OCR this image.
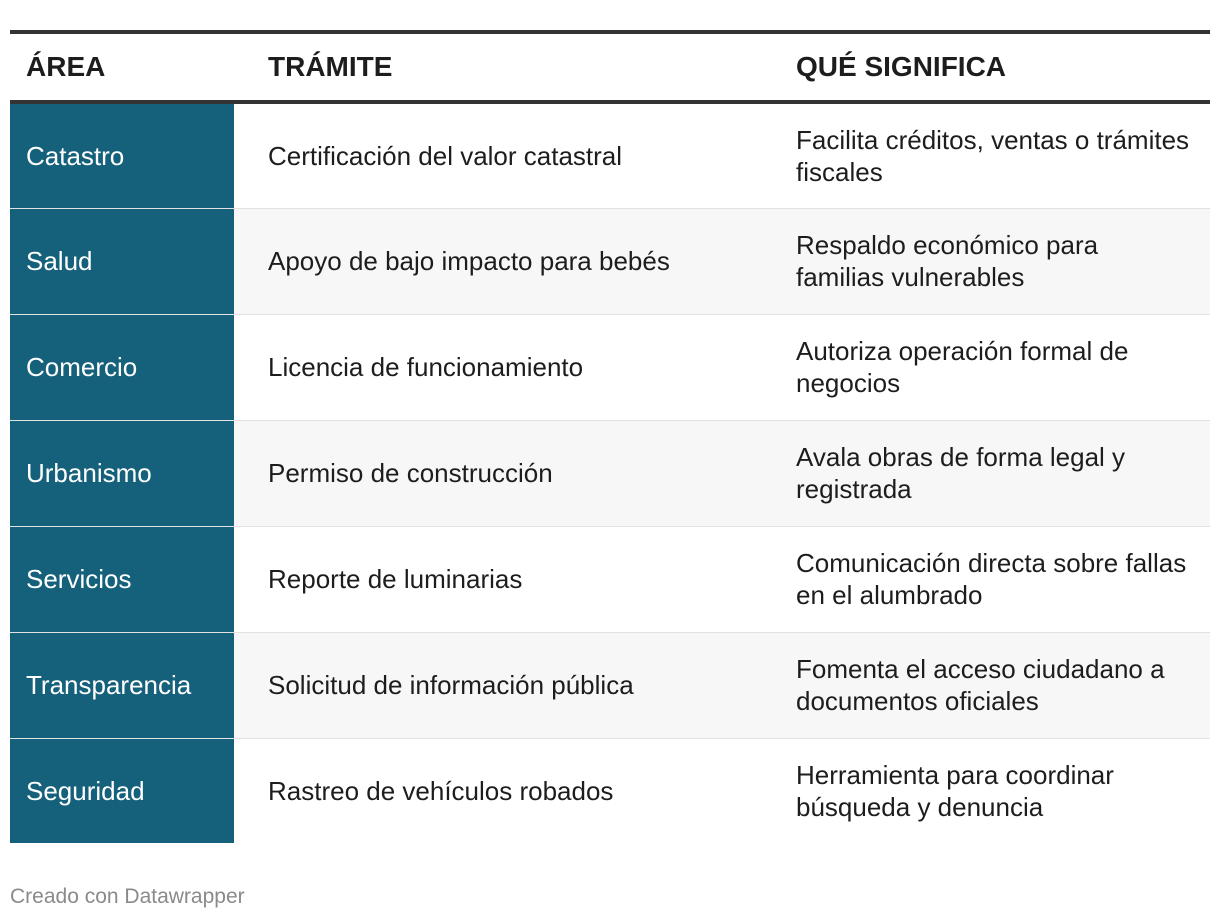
ÁREA	TRÁMITE	QUÉ SIGNIFICA
Catastro	Certificación del valor catastral	Facilita créditos, ventas o trámites fiscales
Salud	Apoyo de bajo impacto para bebés	Respaldo económico para familias vulnerables
Comercio	Licencia de funcionamiento	Autoriza operación formal de negocios
Urbanismo	Permiso de construcción	Avala obras de forma legal y registrada
Servicios	Reporte de luminarias	Comunicación directa sobre fallas en el alumbrado
Transparencia	Solicitud de información pública	Fomenta el acceso ciudadano a documentos oficiales
Seguridad	Rastreo de vehículos robados	Herramienta para coordinar búsqueda y denuncia
Creado con Datawrapper
